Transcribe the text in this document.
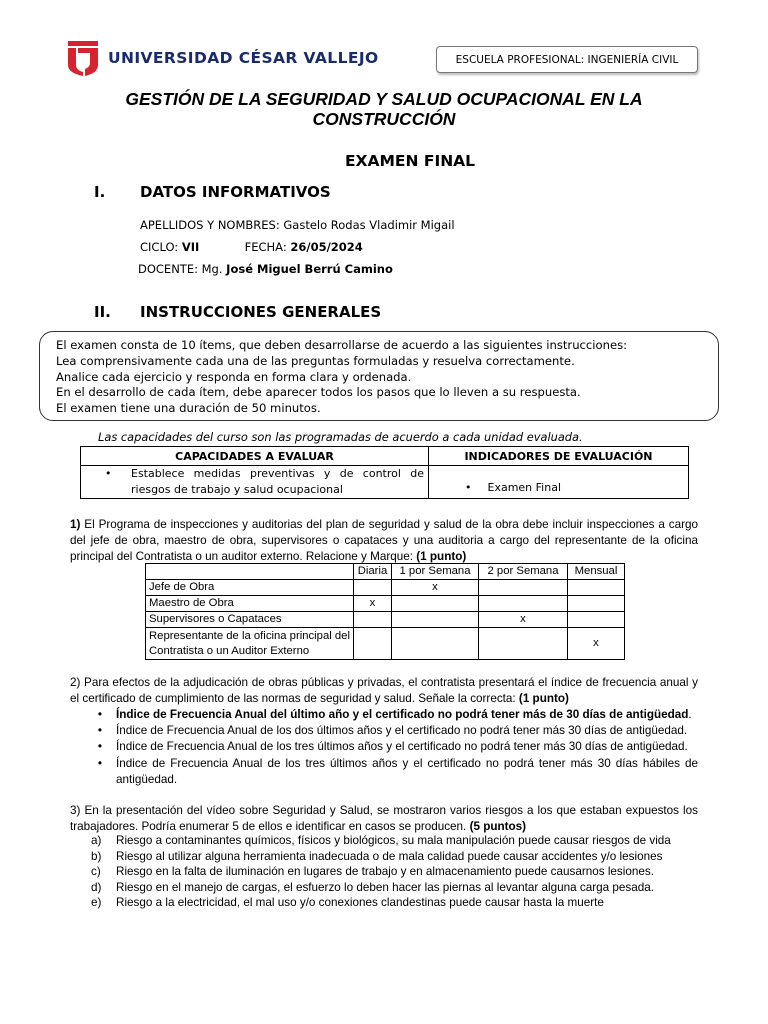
UNIVERSIDAD CÉSAR VALLEJO	ESCUELA PROFESIONAL: INGENIERÍA CIVIL
GESTIÓN DE LA SEGURIDAD Y SALUD OCUPACIONAL EN LA
CONSTRUCCIÓN
EXAMEN FINAL
I. DATOS INFORMATIVOS
APELLIDOS Y NOMBRES: Gastelo Rodas Vladimir Migail
CICLO: VII	FECHA: 26/05/2024
DOCENTE: Mg. José Miguel Berrú Camino
II. INSTRUCCIONES GENERALES
El examen consta de 10 ítems, que deben desarrollarse de acuerdo a las siguientes instrucciones:
Lea comprensivamente cada una de las preguntas formuladas y resuelva correctamente.
Analice cada ejercicio y responda en forma clara y ordenada.
En el desarrollo de cada ítem, debe aparecer todos los pasos que lo lleven a su respuesta.
El examen tiene una duración de 50 minutos.
Las capacidades del curso son las programadas de acuerdo a cada unidad evaluada.
CAPACIDADES A EVALUAR	INDICADORES DE EVALUACIÓN

• Establece medidas preventivas y de control de riesgos de trabajo y salud ocupacional	• Examen Final
1) El Programa de inspecciones y auditorias del plan de seguridad y salud de la obra debe incluir inspecciones a cargo del jefe de obra, maestro de obra, supervisores o capataces y una auditoria a cargo del representante de la oficina principal del Contratista o un auditor externo. Relacione y Marque: (1 punto)
	Diaria	1 por Semana	2 por Semana	Mensual
Jefe de Obra		x		
Maestro de Obra	x			
Supervisores o Capataces			x	
Representante de la oficina principal del Contratista o un Auditor Externo				x
2) Para efectos de la adjudicación de obras públicas y privadas, el contratista presentará el índice de frecuencia anual y el certificado de cumplimiento de las normas de seguridad y salud. Señale la correcta: (1 punto)
•	Índice de Frecuencia Anual del último año y el certificado no podrá tener más de 30 días de antigüedad.
•	Índice de Frecuencia Anual de los dos últimos años y el certificado no podrá tener más 30 días de antigüedad.
•	Índice de Frecuencia Anual de los tres últimos años y el certificado no podrá tener más 30 días de antigüedad.
•	Índice de Frecuencia Anual de los tres últimos años y el certificado no podrá tener más 30 días hábiles de antigüedad.
3) En la presentación del vídeo sobre Seguridad y Salud, se mostraron varios riesgos a los que estaban expuestos los trabajadores. Podría enumerar 5 de ellos e identificar en casos se producen. (5 puntos)
a)	Riesgo a contaminantes químicos, físicos y biológicos, su mala manipulación puede causar riesgos de vida
b)	Riesgo al utilizar alguna herramienta inadecuada o de mala calidad puede causar accidentes y/o lesiones
c)	Riesgo en la falta de iluminación en lugares de trabajo y en almacenamiento puede causarnos lesiones.
d)	Riesgo en el manejo de cargas, el esfuerzo lo deben hacer las piernas al levantar alguna carga pesada.
e)	Riesgo a la electricidad, el mal uso y/o conexiones clandestinas puede causar hasta la muerte
